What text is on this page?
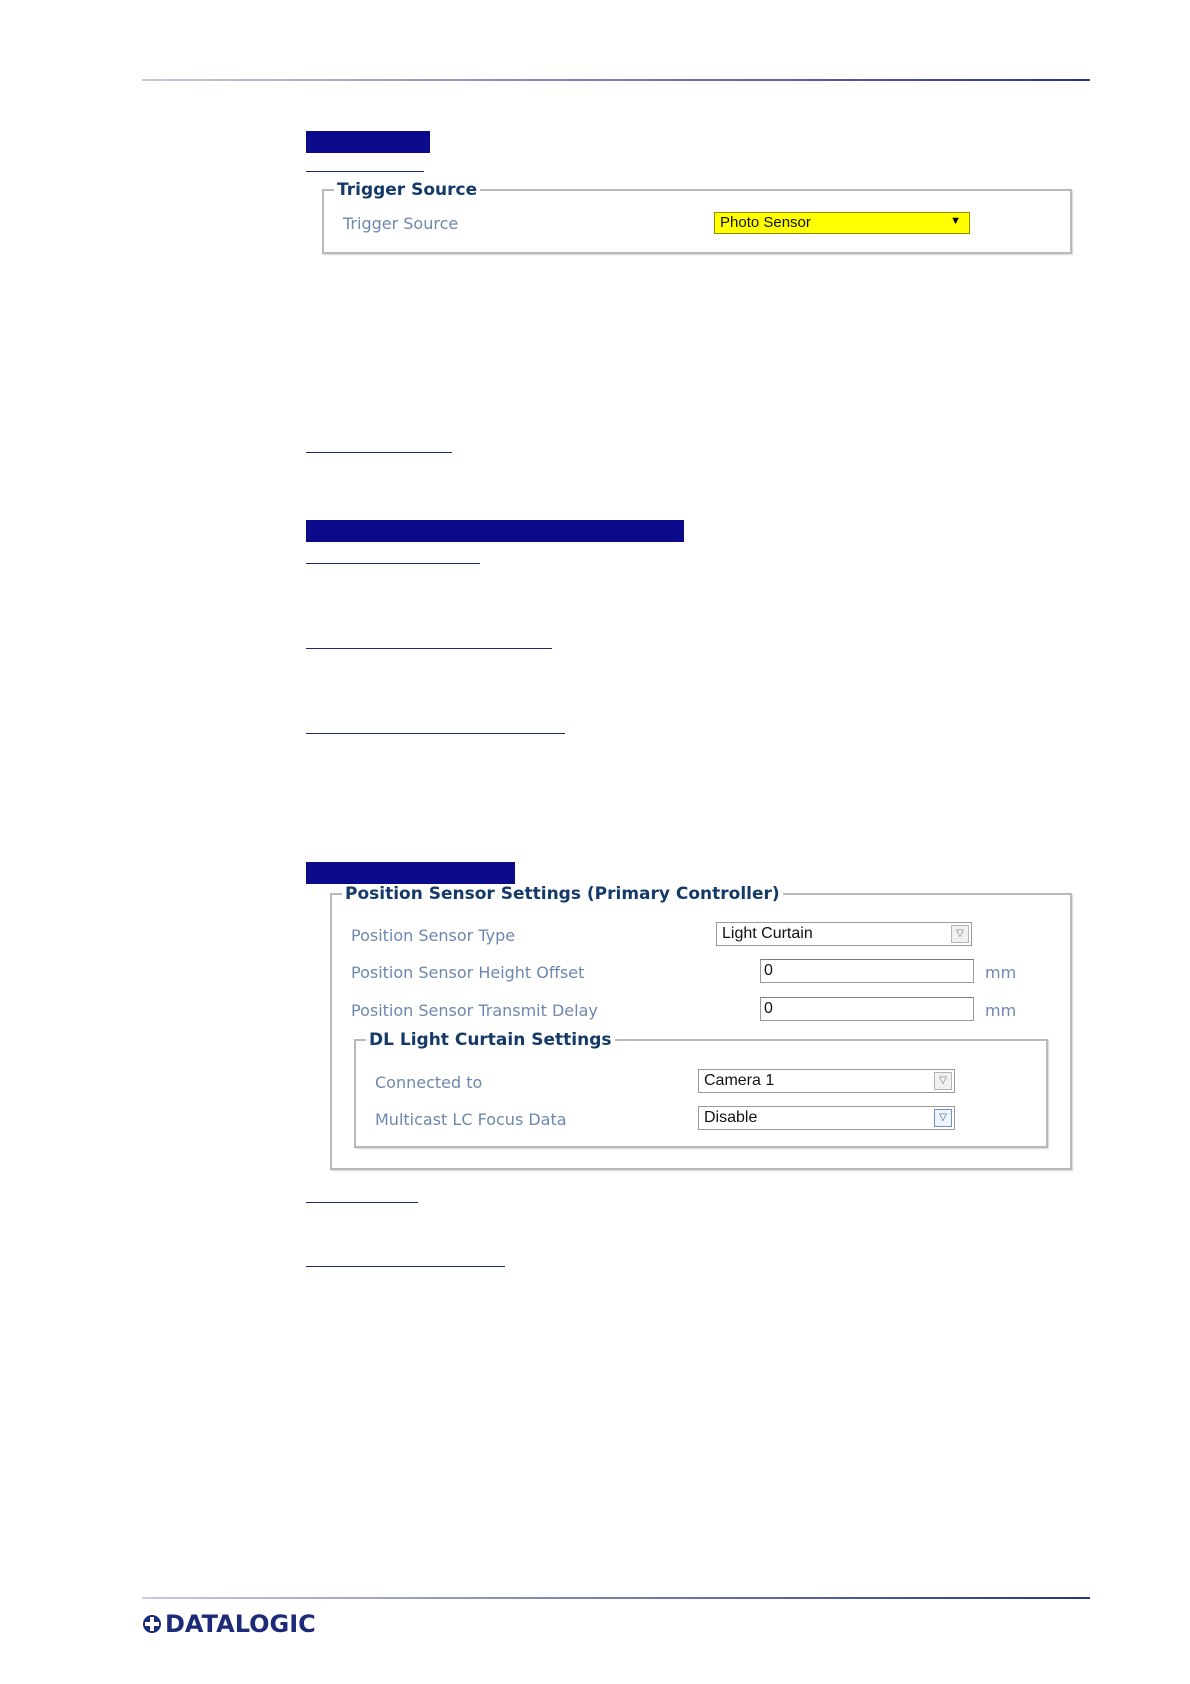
Trigger Source
Trigger Source	Photo Sensor	▼
Position Sensor Settings (Primary Controller)
Position Sensor Type	Light Curtain	▽
Position Sensor Height Offset	0	mm
Position Sensor Transmit Delay	0	mm
DL Light Curtain Settings
Connected to	Camera 1	▽
Multicast LC Focus Data	Disable	▽
DATALOGIC
